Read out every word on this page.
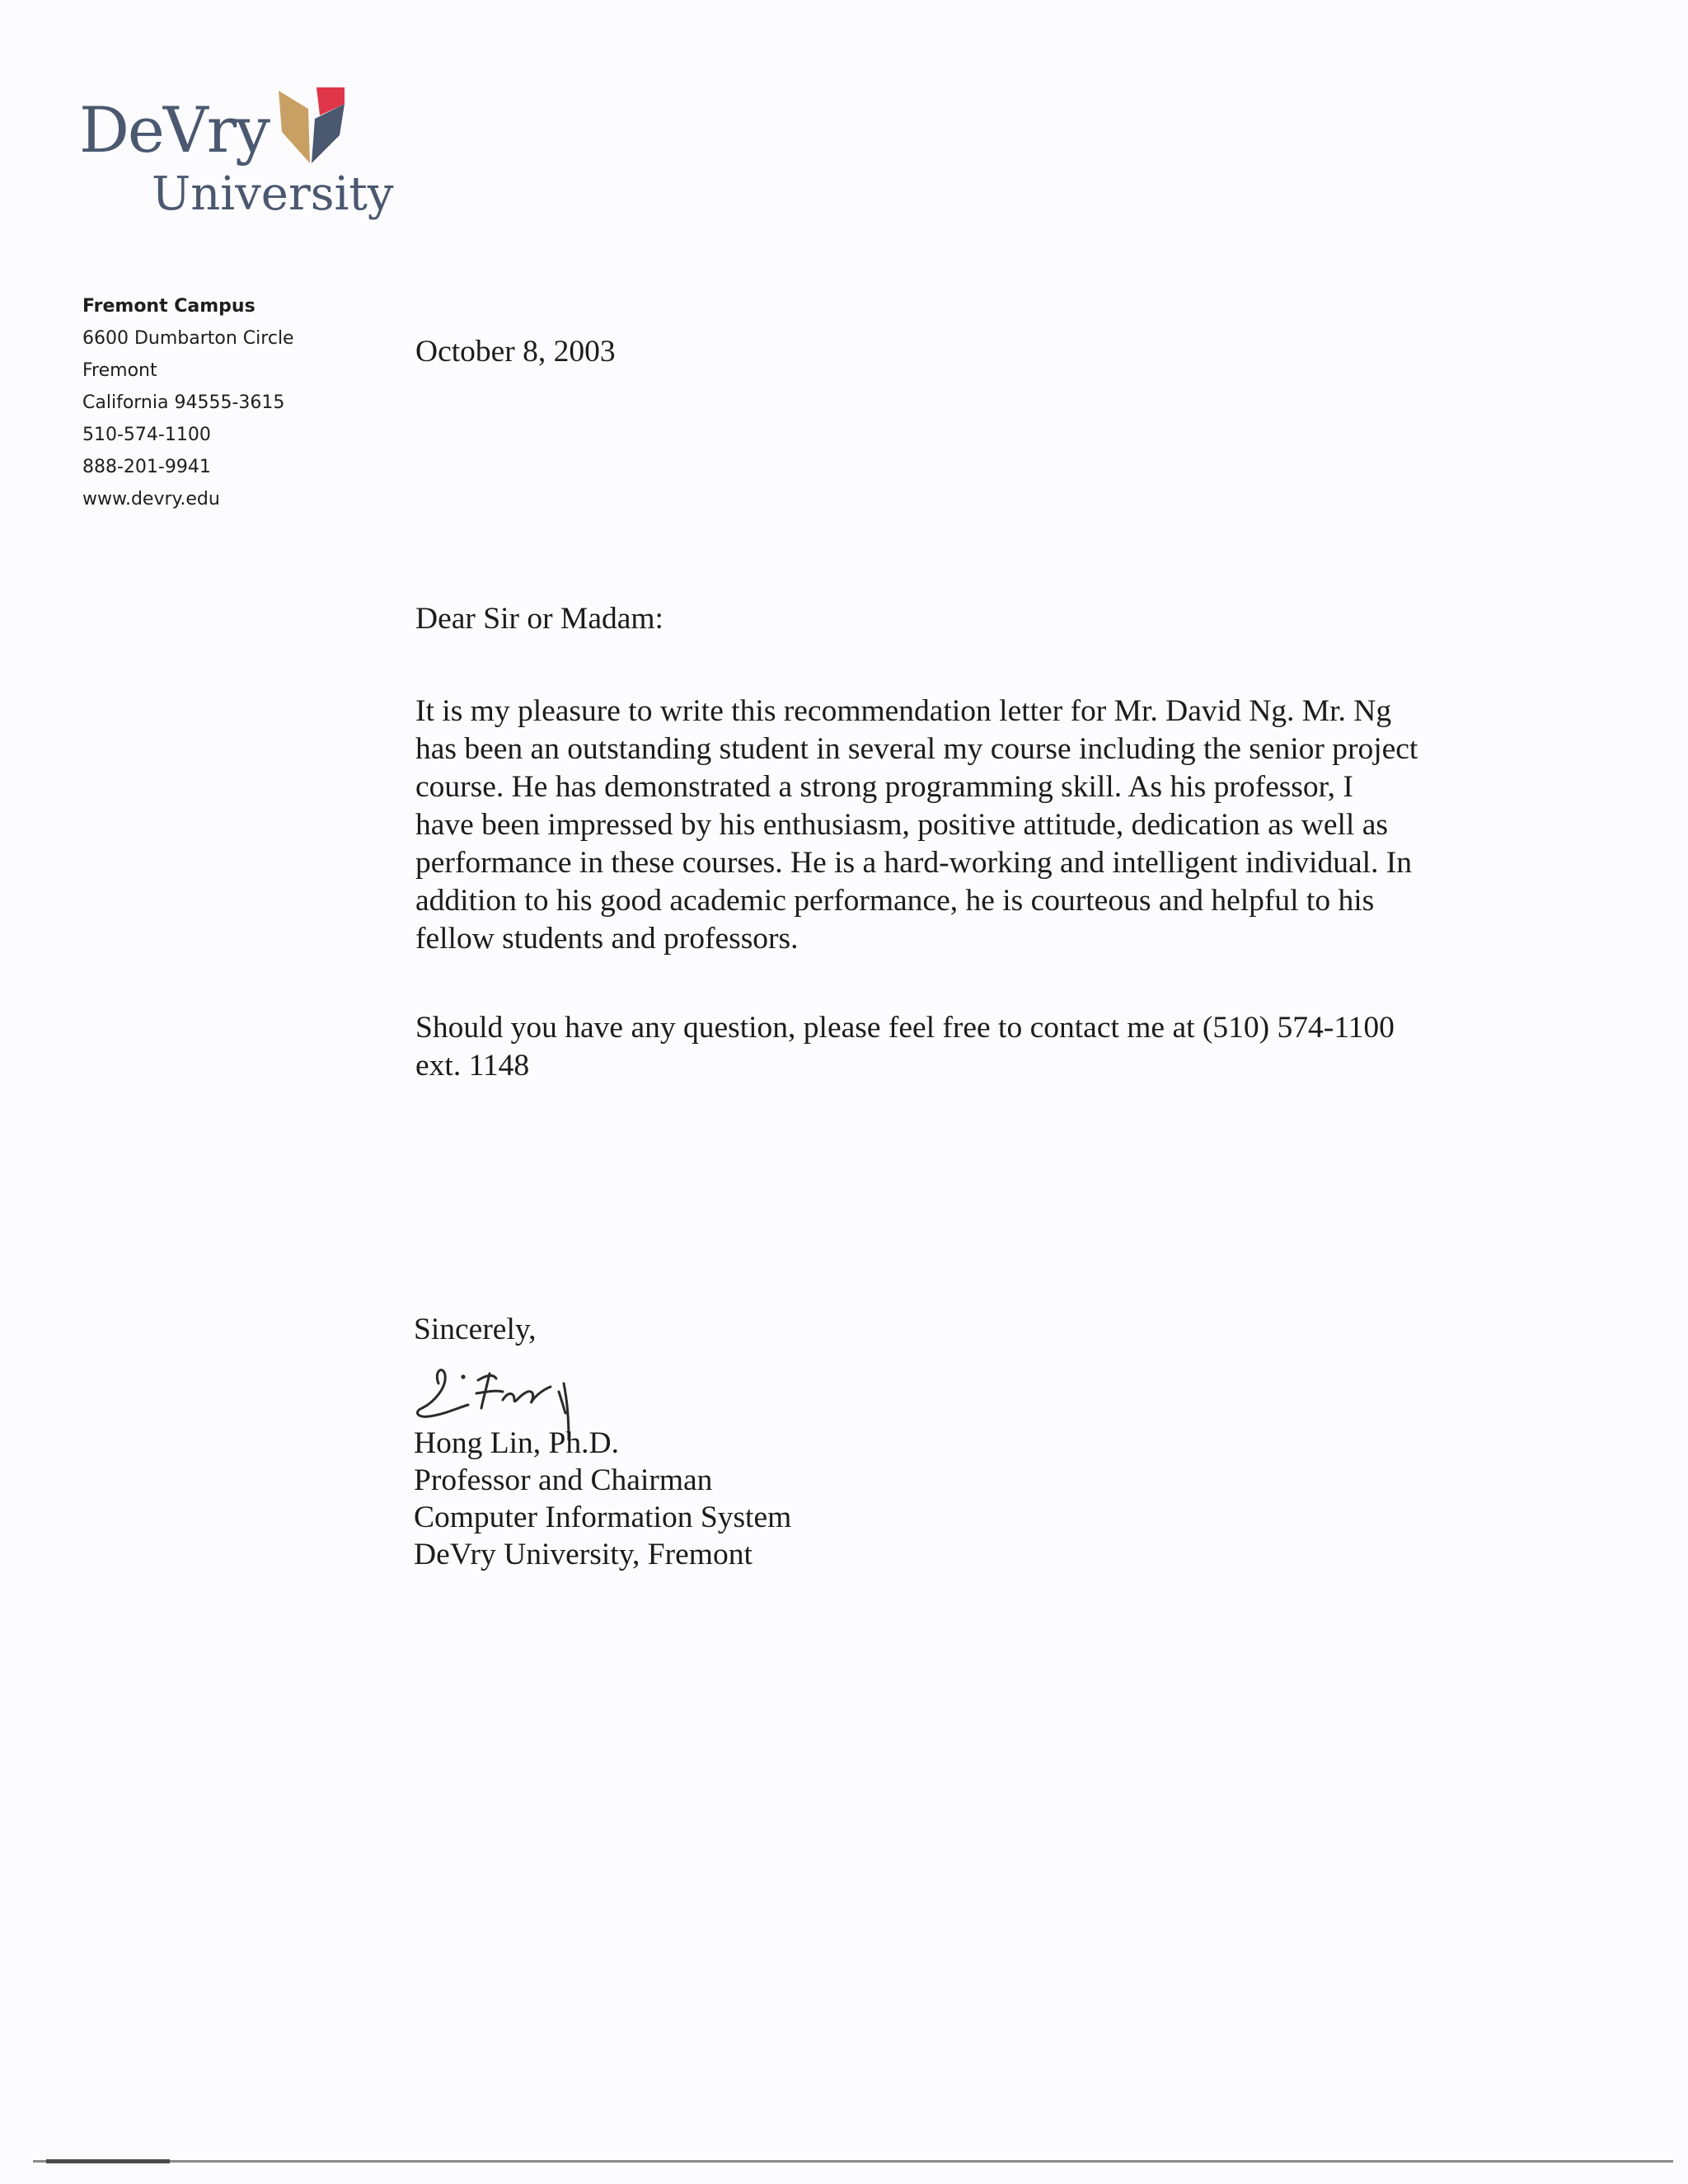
DeVry
University
Fremont Campus
6600 Dumbarton Circle
Fremont
California 94555-3615
510-574-1100
888-201-9941
www.devry.edu
October 8, 2003
Dear Sir or Madam:
It is my pleasure to write this recommendation letter for Mr. David Ng. Mr. Ng
has been an outstanding student in several my course including the senior project
course. He has demonstrated a strong programming skill. As his professor, I
have been impressed by his enthusiasm, positive attitude, dedication as well as
performance in these courses. He is a hard-working and intelligent individual. In
addition to his good academic performance, he is courteous and helpful to his
fellow students and professors.
Should you have any question, please feel free to contact me at (510) 574-1100
ext. 1148
Sincerely,
Hong Lin, Ph.D.
Professor and Chairman
Computer Information System
DeVry University, Fremont
